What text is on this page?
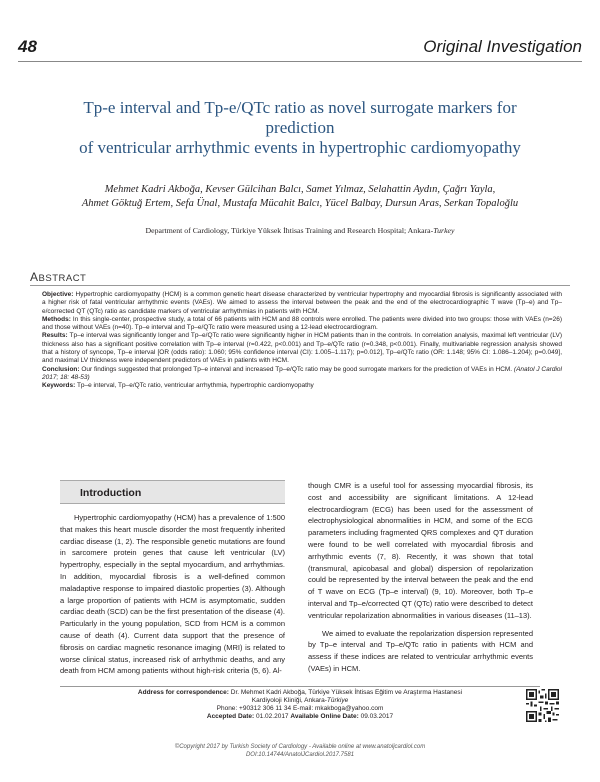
48	Original Investigation
Tp-e interval and Tp-e/QTc ratio as novel surrogate markers for prediction
of ventricular arrhythmic events in hypertrophic cardiomyopathy
Mehmet Kadri Akboğa, Kevser Gülcihan Balcı, Samet Yılmaz, Selahattin Aydın, Çağrı Yayla,
Ahmet Göktuğ Ertem, Sefa Ünal, Mustafa Mücahit Balcı, Yücel Balbay, Dursun Aras, Serkan Topaloğlu
Department of Cardiology, Türkiye Yüksek İhtisas Training and Research Hospital; Ankara-Turkey
ABSTRACT

Objective: Hypertrophic cardiomyopathy (HCM) is a common genetic heart disease characterized by ventricular hypertrophy and myocardial fibrosis is significantly associated with a higher risk of fatal ventricular arrhythmic events (VAEs). We aimed to assess the interval between the peak and the end of the electrocardiographic T wave (Tp–e) and Tp–e/corrected QT (QTc) ratio as candidate markers of ventricular arrhythmias in patients with HCM.

Methods: In this single-center, prospective study, a total of 66 patients with HCM and 88 controls were enrolled. The patients were divided into two groups: those with VAEs (n=26) and those without VAEs (n=40). Tp–e interval and Tp–e/QTc ratio were measured using a 12-lead electrocardiogram.

Results: Tp–e interval was significantly longer and Tp–e/QTc ratio were significantly higher in HCM patients than in the controls. In correlation analysis, maximal left ventricular (LV) thickness also has a significant positive correlation with Tp–e interval (r=0.422, p<0.001) and Tp–e/QTc ratio (r=0.348, p<0.001). Finally, multivariable regression analysis showed that a history of syncope, Tp–e interval [OR (odds ratio): 1.060; 95% confidence interval (CI): 1.005–1.117); p=0.012], Tp–e/QTc ratio (OR: 1.148; 95% CI: 1.086–1.204); p=0.049], and maximal LV thickness were independent predictors of VAEs in patients with HCM.

Conclusion: Our findings suggested that prolonged Tp–e interval and increased Tp–e/QTc ratio may be good surrogate markers for the prediction of VAEs in HCM. (Anatol J Cardiol 2017; 18: 48-53)

Keywords: Tp–e interval, Tp–e/QTc ratio, ventricular arrhythmia, hypertrophic cardiomyopathy

Introduction

Hypertrophic cardiomyopathy (HCM) has a prevalence of 1:500 that makes this heart muscle disorder the most frequently inherited cardiac disease (1, 2). The responsible genetic mutations are found in sarcomere protein genes that cause left ventricular (LV) hypertrophy, especially in the septal myocardium, and arrhythmias. In addition, myocardial fibrosis is a well-defined common maladaptive response to impaired diastolic properties (3). Although a large proportion of patients with HCM is asymptomatic, sudden cardiac death (SCD) can be the first presentation of the disease (4). Particularly in the young population, SCD from HCM is a common cause of death (4). Current data support that the presence of fibrosis on cardiac magnetic resonance imaging (MRI) is related to worse clinical status, increased risk of arrhythmic deaths, and any death from HCM among patients without high-risk criteria (5, 6). Al-

though CMR is a useful tool for assessing myocardial fibrosis, its cost and accessibility are significant limitations. A 12-lead electrocardiogram (ECG) has been used for the assessment of electrophysiological abnormalities in HCM, and some of the ECG parameters including fragmented QRS complexes and QT duration were found to be well correlated with myocardial fibrosis and arrhythmic events (7, 8). Recently, it was shown that total (transmural, apicobasal and global) dispersion of repolarization could be represented by the interval between the peak and the end of T wave on ECG (Tp–e interval) (9, 10). Moreover, both Tp–e interval and Tp–e/corrected QT (QTc) ratio were described to detect ventricular repolarization abnormalities in various diseases (11–13).

We aimed to evaluate the repolarization dispersion represented by Tp–e interval and Tp–e/QTc ratio in patients with HCM and assess if these indices are related to ventricular arrhythmic events (VAEs) in HCM.

Address for correspondence: Dr. Mehmet Kadri Akboğa, Türkiye Yüksek İhtisas Eğitim ve Araştırma Hastanesi
Kardiyoloji Kliniği, Ankara-Türkiye
Phone: +90312 306 11 34 E-mail: mkakboga@yahoo.com
Accepted Date: 01.02.2017 Available Online Date: 09.03.2017
©Copyright 2017 by Turkish Society of Cardiology - Available online at www.anatoljcardiol.com
DOI:10.14744/AnatolJCardiol.2017.7581
